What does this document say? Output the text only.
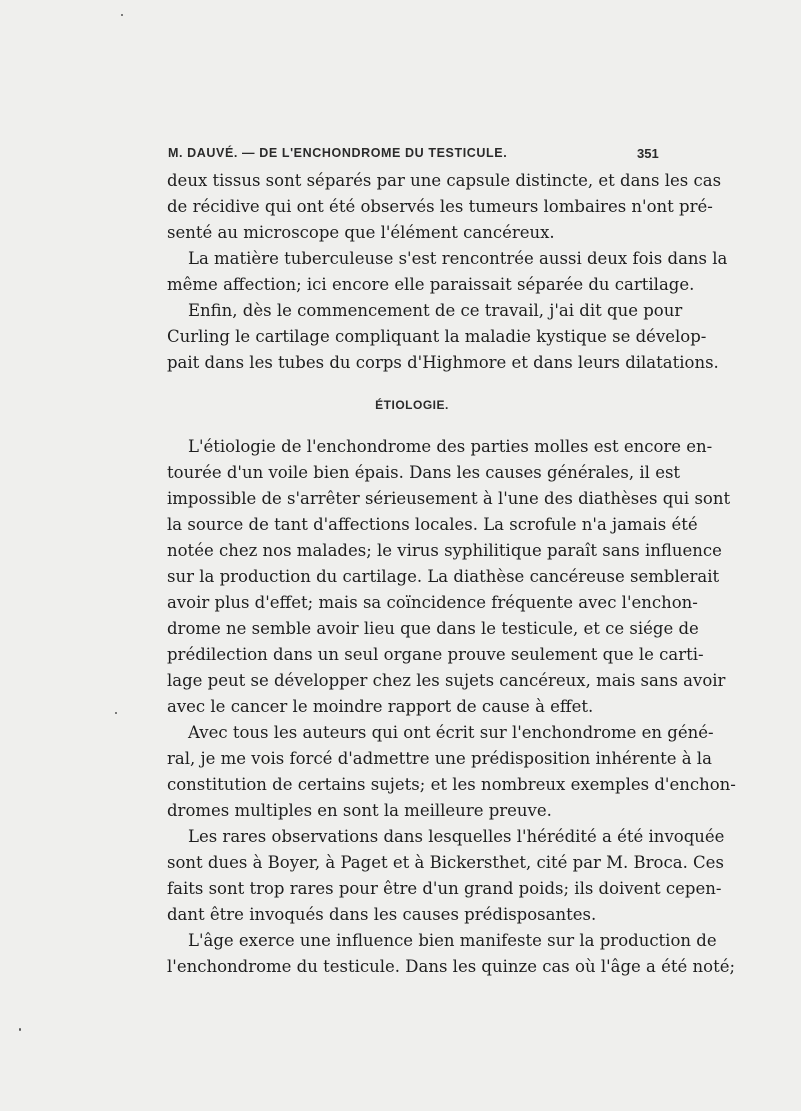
M. DAUVÉ. — DE L'ENCHONDROME DU TESTICULE.	351
deux tissus sont séparés par une capsule distincte, et dans les cas
de récidive qui ont été observés les tumeurs lombaires n'ont pré-
senté au microscope que l'élément cancéreux.
La matière tuberculeuse s'est rencontrée aussi deux fois dans la
même affection; ici encore elle paraissait séparée du cartilage.
Enfin, dès le commencement de ce travail, j'ai dit que pour
Curling le cartilage compliquant la maladie kystique se dévelop-
pait dans les tubes du corps d'Highmore et dans leurs dilatations.
ÉTIOLOGIE.
L'étiologie de l'enchondrome des parties molles est encore en-
tourée d'un voile bien épais. Dans les causes générales, il est
impossible de s'arrêter sérieusement à l'une des diathèses qui sont
la source de tant d'affections locales. La scrofule n'a jamais été
notée chez nos malades; le virus syphilitique paraît sans influence
sur la production du cartilage. La diathèse cancéreuse semblerait
avoir plus d'effet; mais sa coïncidence fréquente avec l'enchon-
drome ne semble avoir lieu que dans le testicule, et ce siége de
prédilection dans un seul organe prouve seulement que le carti-
lage peut se développer chez les sujets cancéreux, mais sans avoir
avec le cancer le moindre rapport de cause à effet.
Avec tous les auteurs qui ont écrit sur l'enchondrome en géné-
ral, je me vois forcé d'admettre une prédisposition inhérente à la
constitution de certains sujets; et les nombreux exemples d'enchon-
dromes multiples en sont la meilleure preuve.
Les rares observations dans lesquelles l'hérédité a été invoquée
sont dues à Boyer, à Paget et à Bickersthet, cité par M. Broca. Ces
faits sont trop rares pour être d'un grand poids; ils doivent cepen-
dant être invoqués dans les causes prédisposantes.
L'âge exerce une influence bien manifeste sur la production de
l'enchondrome du testicule. Dans les quinze cas où l'âge a été noté;
